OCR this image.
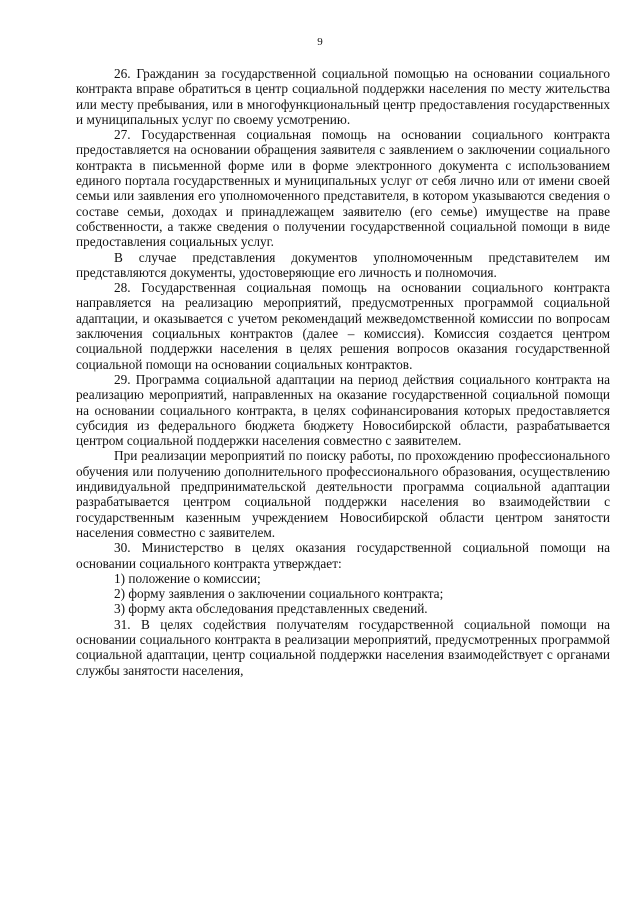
9

26. Гражданин за государственной социальной помощью на основании социального контракта вправе обратиться в центр социальной поддержки населения по месту жительства или месту пребывания, или в многофункциональный центр предоставления государственных и муниципальных услуг по своему усмотрению.

27. Государственная социальная помощь на основании социального контракта предоставляется на основании обращения заявителя с заявлением о заключении социального контракта в письменной форме или в форме электронного документа с использованием единого портала государственных и муниципальных услуг от себя лично или от имени своей семьи или заявления его уполномоченного представителя, в котором указываются сведения о составе семьи, доходах и принадлежащем заявителю (его семье) имуществе на праве собственности, а также сведения о получении государственной социальной помощи в виде предоставления социальных услуг.

В случае представления документов уполномоченным представителем им представляются документы, удостоверяющие его личность и полномочия.

28. Государственная социальная помощь на основании социального контракта направляется на реализацию мероприятий, предусмотренных программой социальной адаптации, и оказывается с учетом рекомендаций межведомственной комиссии по вопросам заключения социальных контрактов (далее – комиссия). Комиссия создается центром социальной поддержки населения в целях решения вопросов оказания государственной социальной помощи на основании социальных контрактов.

29. Программа социальной адаптации на период действия социального контракта на реализацию мероприятий, направленных на оказание государственной социальной помощи на основании социального контракта, в целях софинансирования которых предоставляется субсидия из федерального бюджета бюджету Новосибирской области, разрабатывается центром социальной поддержки населения совместно с заявителем.

При реализации мероприятий по поиску работы, по прохождению профессионального обучения или получению дополнительного профессионального образования, осуществлению индивидуальной предпринимательской деятельности программа социальной адаптации разрабатывается центром социальной поддержки населения во взаимодействии с государственным казенным учреждением Новосибирской области центром занятости населения совместно с заявителем.

30. Министерство в целях оказания государственной социальной помощи на основании социального контракта утверждает:

1) положение о комиссии;

2) форму заявления о заключении социального контракта;

3) форму акта обследования представленных сведений.

31. В целях содействия получателям государственной социальной помощи на основании социального контракта в реализации мероприятий, предусмотренных программой социальной адаптации, центр социальной поддержки населения взаимодействует с органами службы занятости населения,
